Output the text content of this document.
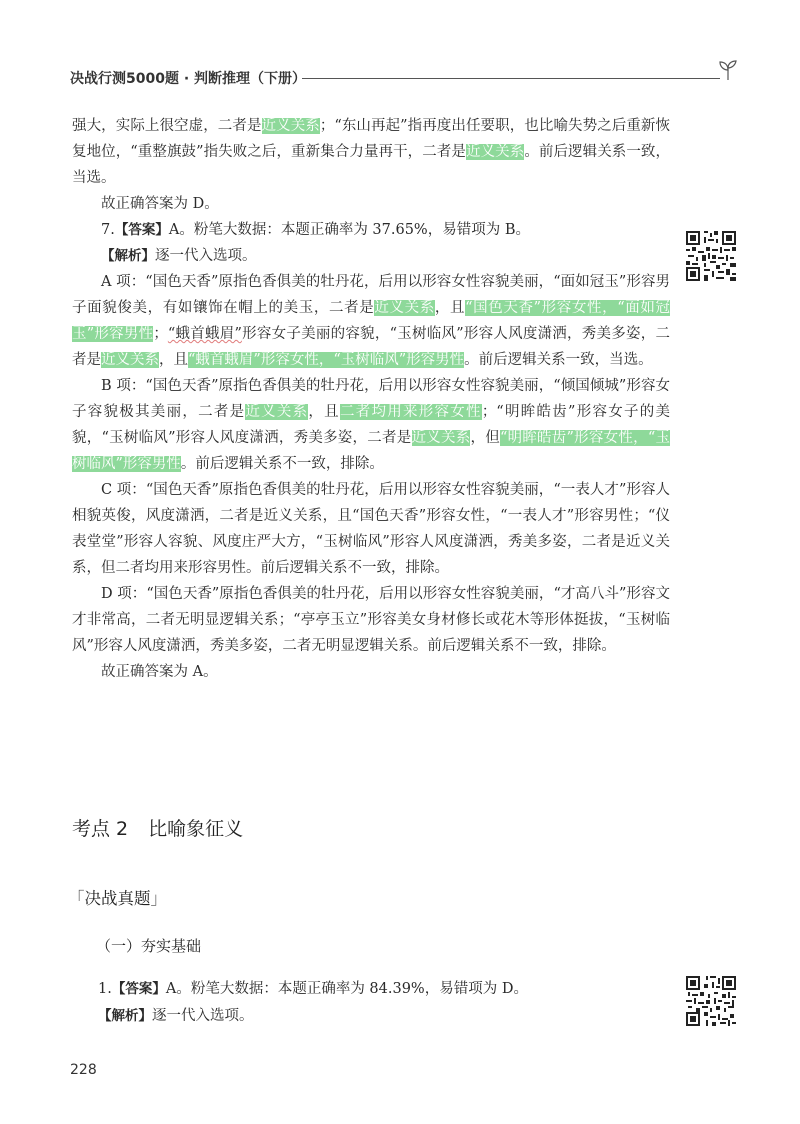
决战行测5000题 · 判断推理（下册）

强大，实际上很空虚，二者是近义关系；“东山再起”指再度出任要职，也比喻失势之后重新恢复地位，“重整旗鼓”指失败之后，重新集合力量再干，二者是近义关系。前后逻辑关系一致，当选。

故正确答案为 D。

7.【答案】A。粉笔大数据：本题正确率为 37.65%，易错项为 B。

【解析】逐一代入选项。

A 项：“国色天香”原指色香俱美的牡丹花，后用以形容女性容貌美丽，“面如冠玉”形容男子面貌俊美，有如镶饰在帽上的美玉，二者是近义关系，且“国色天香”形容女性，“面如冠玉”形容男性；“蛾首蛾眉”形容女子美丽的容貌，“玉树临风”形容人风度潇洒，秀美多姿，二者是近义关系，且“蛾首蛾眉”形容女性，“玉树临风”形容男性。前后逻辑关系一致，当选。

B 项：“国色天香”原指色香俱美的牡丹花，后用以形容女性容貌美丽，“倾国倾城”形容女子容貌极其美丽，二者是近义关系，且二者均用来形容女性；“明眸皓齿”形容女子的美貌，“玉树临风”形容人风度潇洒，秀美多姿，二者是近义关系，但“明眸皓齿”形容女性，“玉树临风”形容男性。前后逻辑关系不一致，排除。

C 项：“国色天香”原指色香俱美的牡丹花，后用以形容女性容貌美丽，“一表人才”形容人相貌英俊，风度潇洒，二者是近义关系，且“国色天香”形容女性，“一表人才”形容男性；“仪表堂堂”形容人容貌、风度庄严大方，“玉树临风”形容人风度潇洒，秀美多姿，二者是近义关系，但二者均用来形容男性。前后逻辑关系不一致，排除。

D 项：“国色天香”原指色香俱美的牡丹花，后用以形容女性容貌美丽，“才高八斗”形容文才非常高，二者无明显逻辑关系；“亭亭玉立”形容美女身材修长或花木等形体挺拔，“玉树临风”形容人风度潇洒，秀美多姿，二者无明显逻辑关系。前后逻辑关系不一致，排除。

故正确答案为 A。

考点 2 比喻象征义
「决战真题」
（一）夯实基础

1.【答案】A。粉笔大数据：本题正确率为 84.39%，易错项为 D。

【解析】逐一代入选项。

228
